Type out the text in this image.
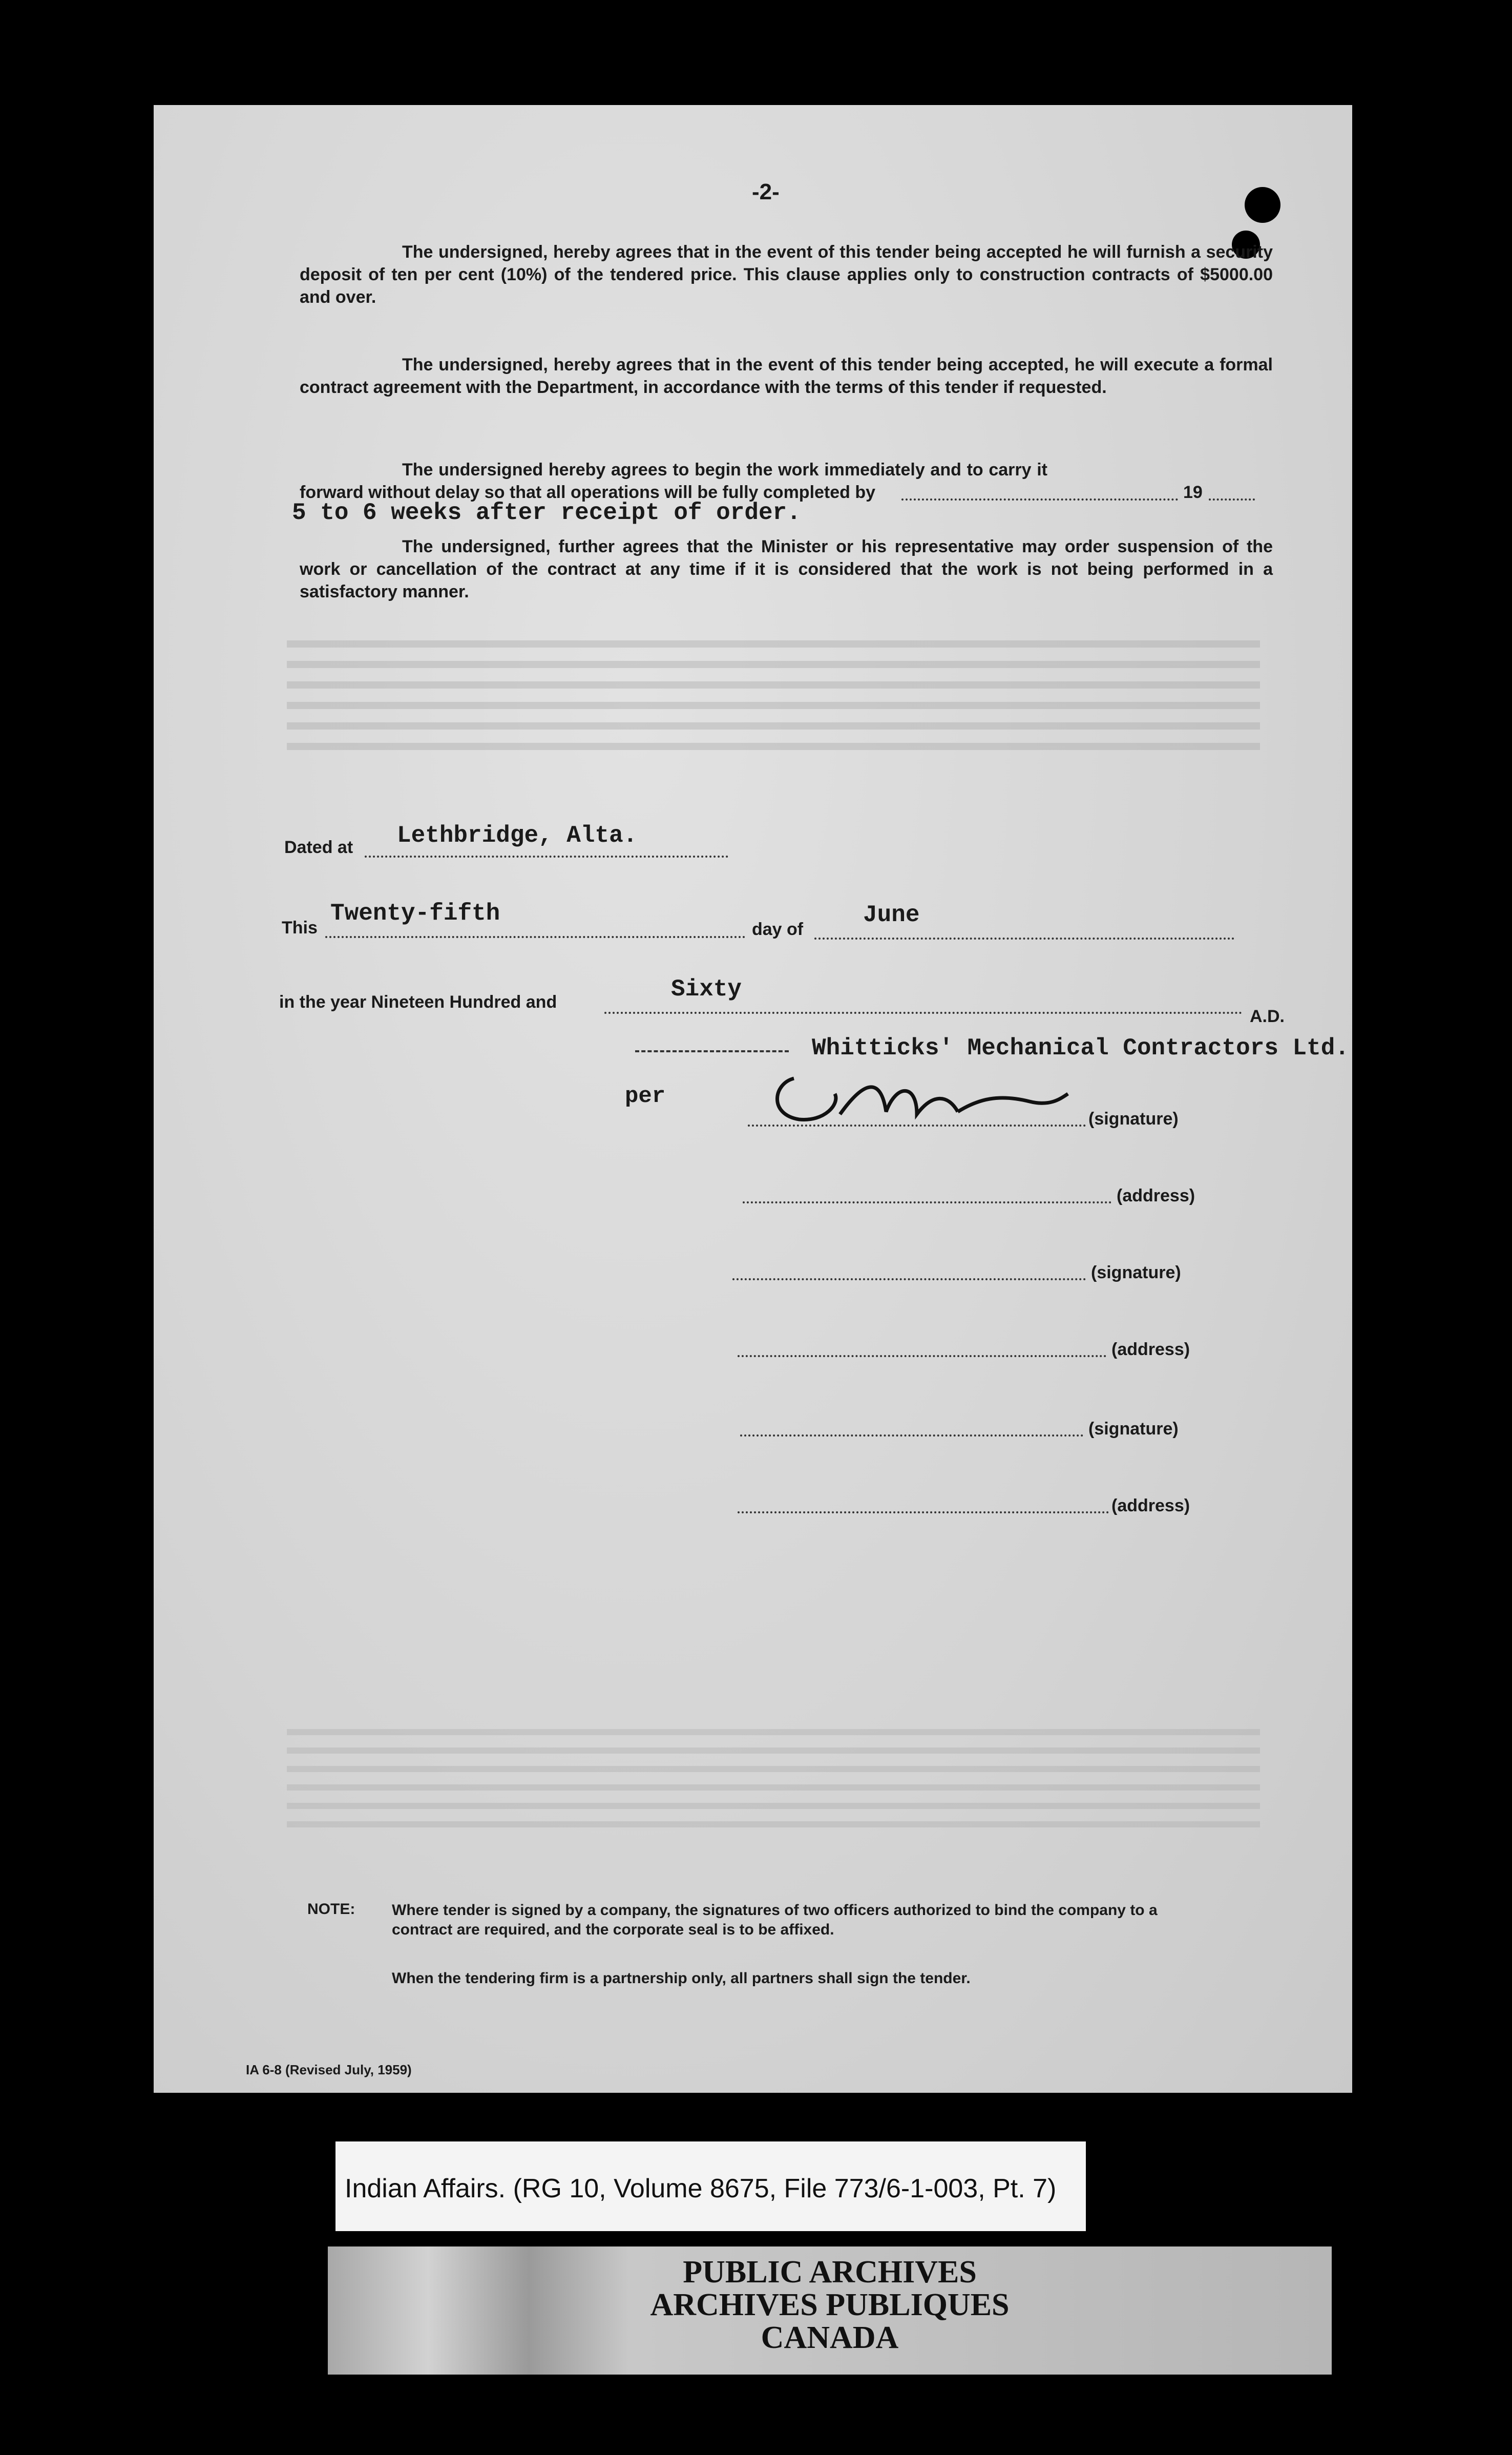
-2-
The undersigned, hereby agrees that in the event of this tender being accepted he will furnish a security deposit of ten per cent (10%) of the tendered price. This clause applies only to construction contracts of $5000.00 and over.
The undersigned, hereby agrees that in the event of this tender being accepted, he will execute a formal contract agreement with the Department, in accordance with the terms of this tender if requested.
The undersigned hereby agrees to begin the work immediately and to carry it forward without delay so that all operations will be fully completed by	19
5 to 6 weeks after receipt of order.
The undersigned, further agrees that the Minister or his representative may order suspension of the work or cancellation of the contract at any time if it is considered that the work is not being performed in a satisfactory manner.
Dated at Lethbridge, Alta.
This
Twenty-fifth
day of
June
in the year Nineteen Hundred and	Sixty
A.D.
Whitticks' Mechanical Contractors Ltd.
per
(signature)
(address)
(signature)
(address)
(signature)
(address)
NOTE: Where tender is signed by a company, the signatures of two officers authorized to bind the company to a contract are required, and the corporate seal is to be affixed.
When the tendering firm is a partnership only, all partners shall sign the tender.
IA 6-8 (Revised July, 1959)
Indian Affairs. (RG 10, Volume 8675, File 773/6-1-003, Pt. 7)
PUBLIC ARCHIVES
ARCHIVES PUBLIQUES
CANADA
